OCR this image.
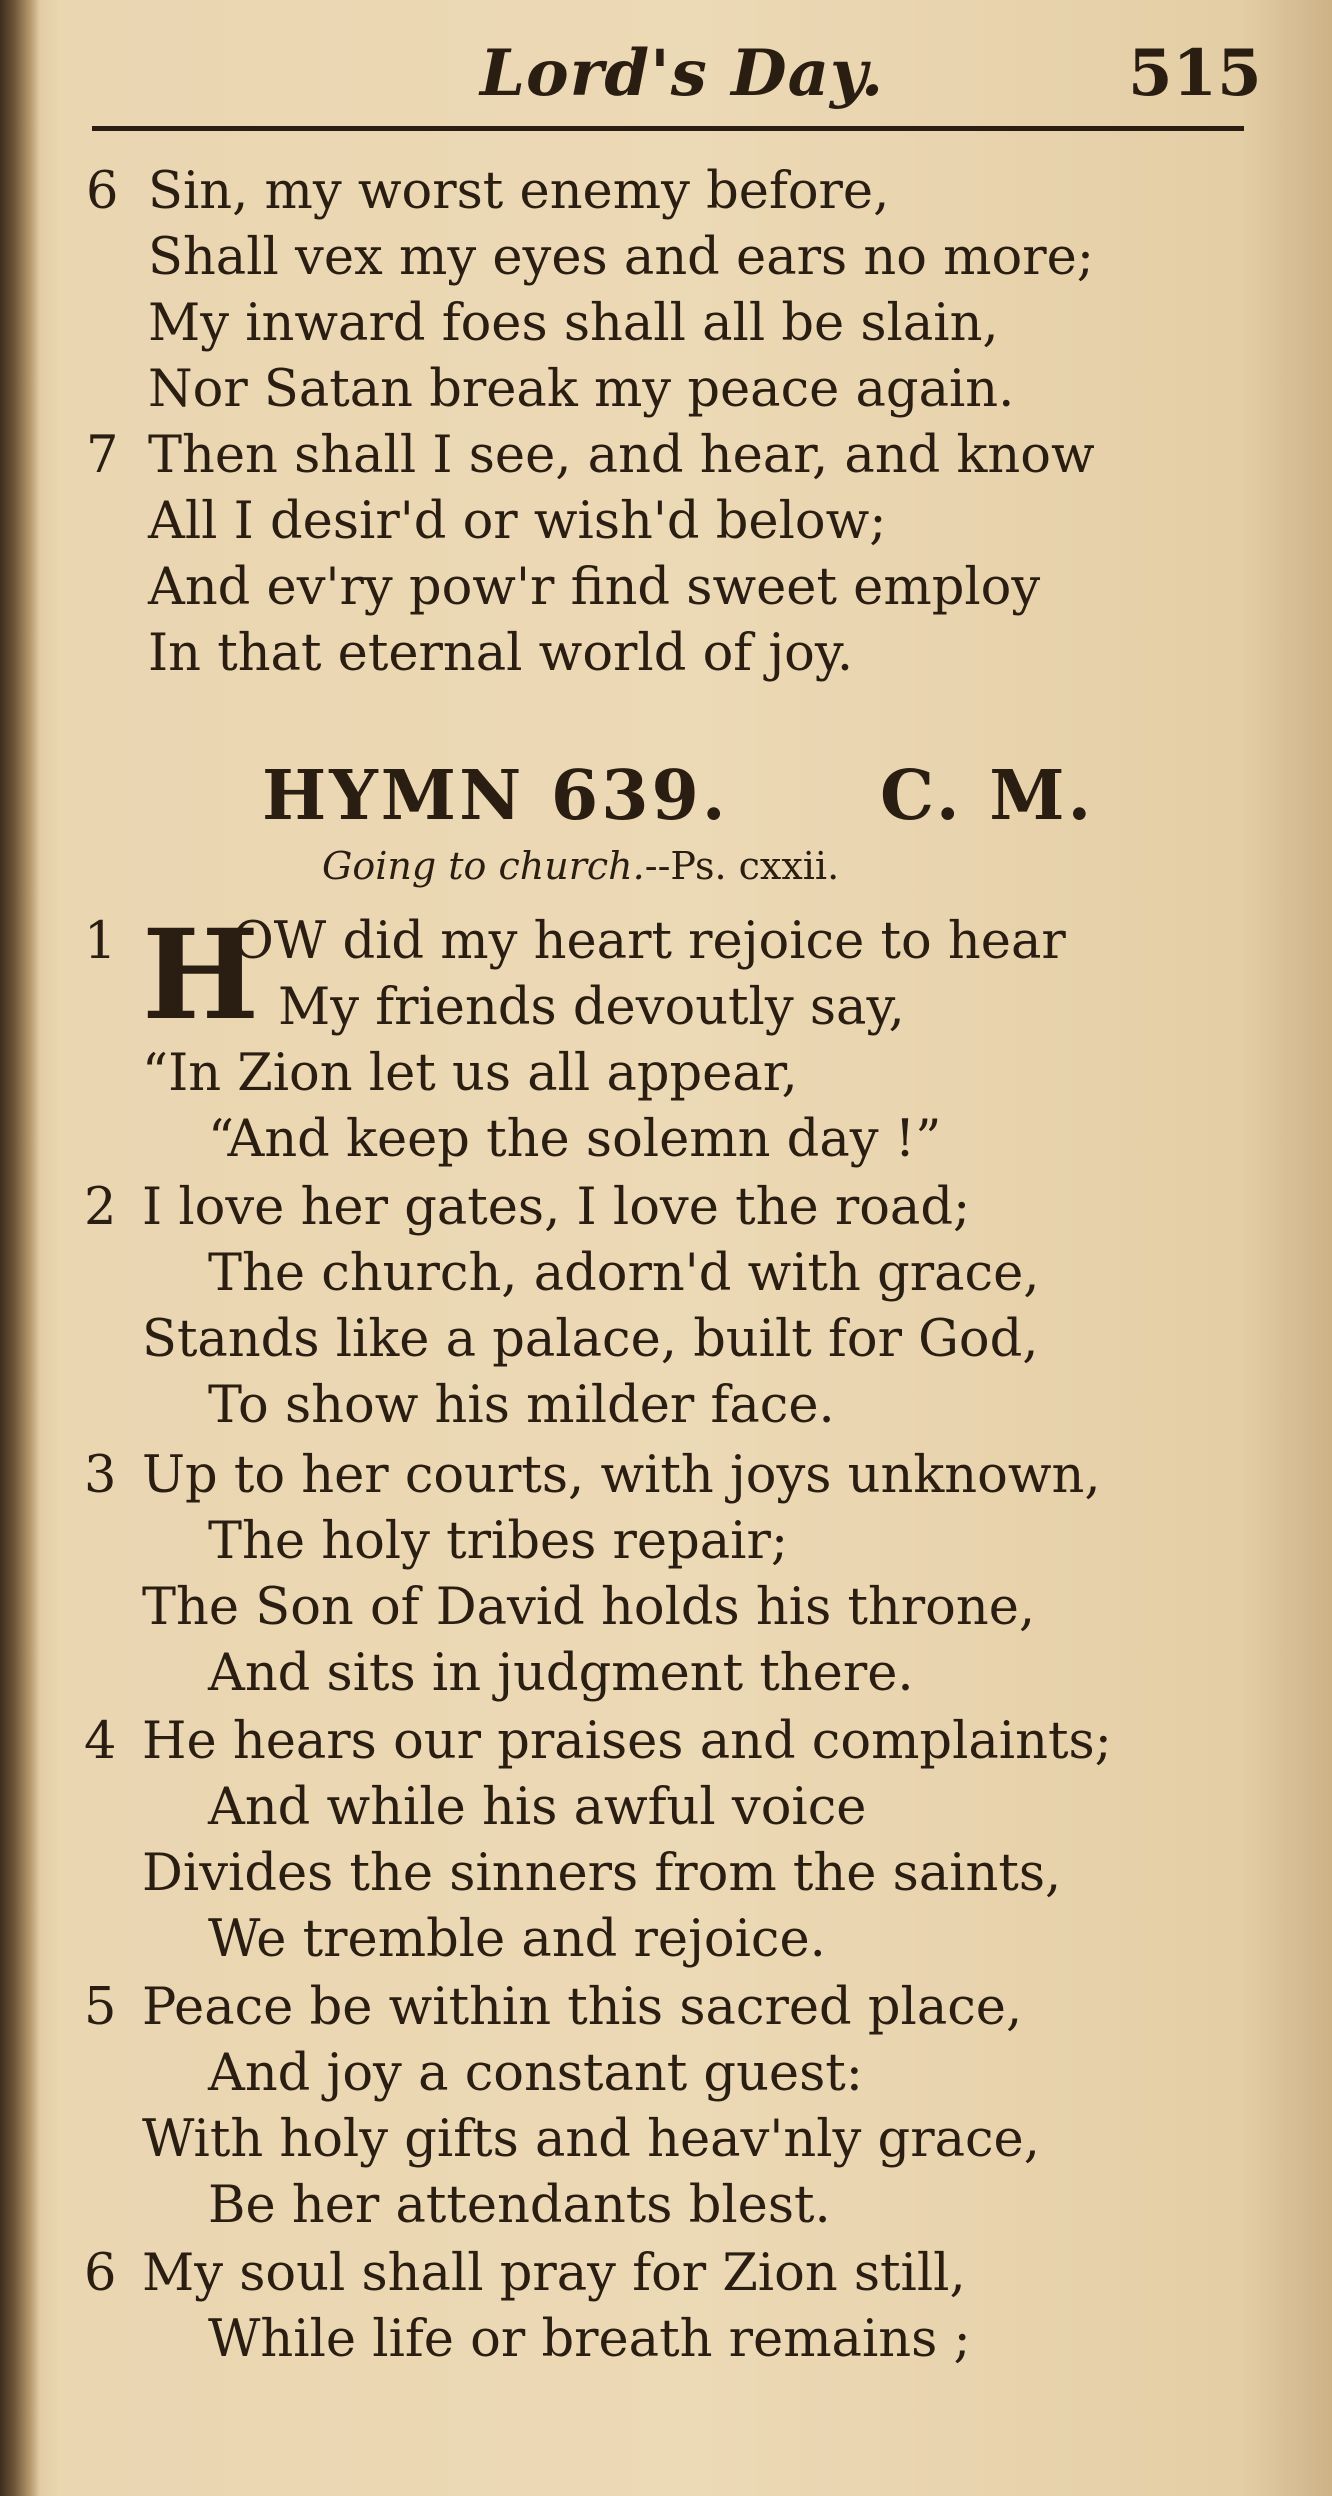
Lord's Day.	515
6 Sin, my worst enemy before,
Shall vex my eyes and ears no more;
My inward foes shall all be slain,
Nor Satan break my peace again.
7 Then shall I see, and hear, and know
All I desir'd or wish'd below;
And ev'ry pow'r find sweet employ
In that eternal world of joy.
HYMN 639. C. M.
Going to church.--Ps. cxxii.
1 H
OW did my heart rejoice to hear
My friends devoutly say,
“In Zion let us all appear,
“And keep the solemn day !”
2 I love her gates, I love the road;
The church, adorn'd with grace,
Stands like a palace, built for God,
To show his milder face.
3 Up to her courts, with joys unknown,
The holy tribes repair;
The Son of David holds his throne,
And sits in judgment there.
4 He hears our praises and complaints;
And while his awful voice
Divides the sinners from the saints,
We tremble and rejoice.
5 Peace be within this sacred place,
And joy a constant guest:
With holy gifts and heav'nly grace,
Be her attendants blest.
6 My soul shall pray for Zion still,
While life or breath remains ;
